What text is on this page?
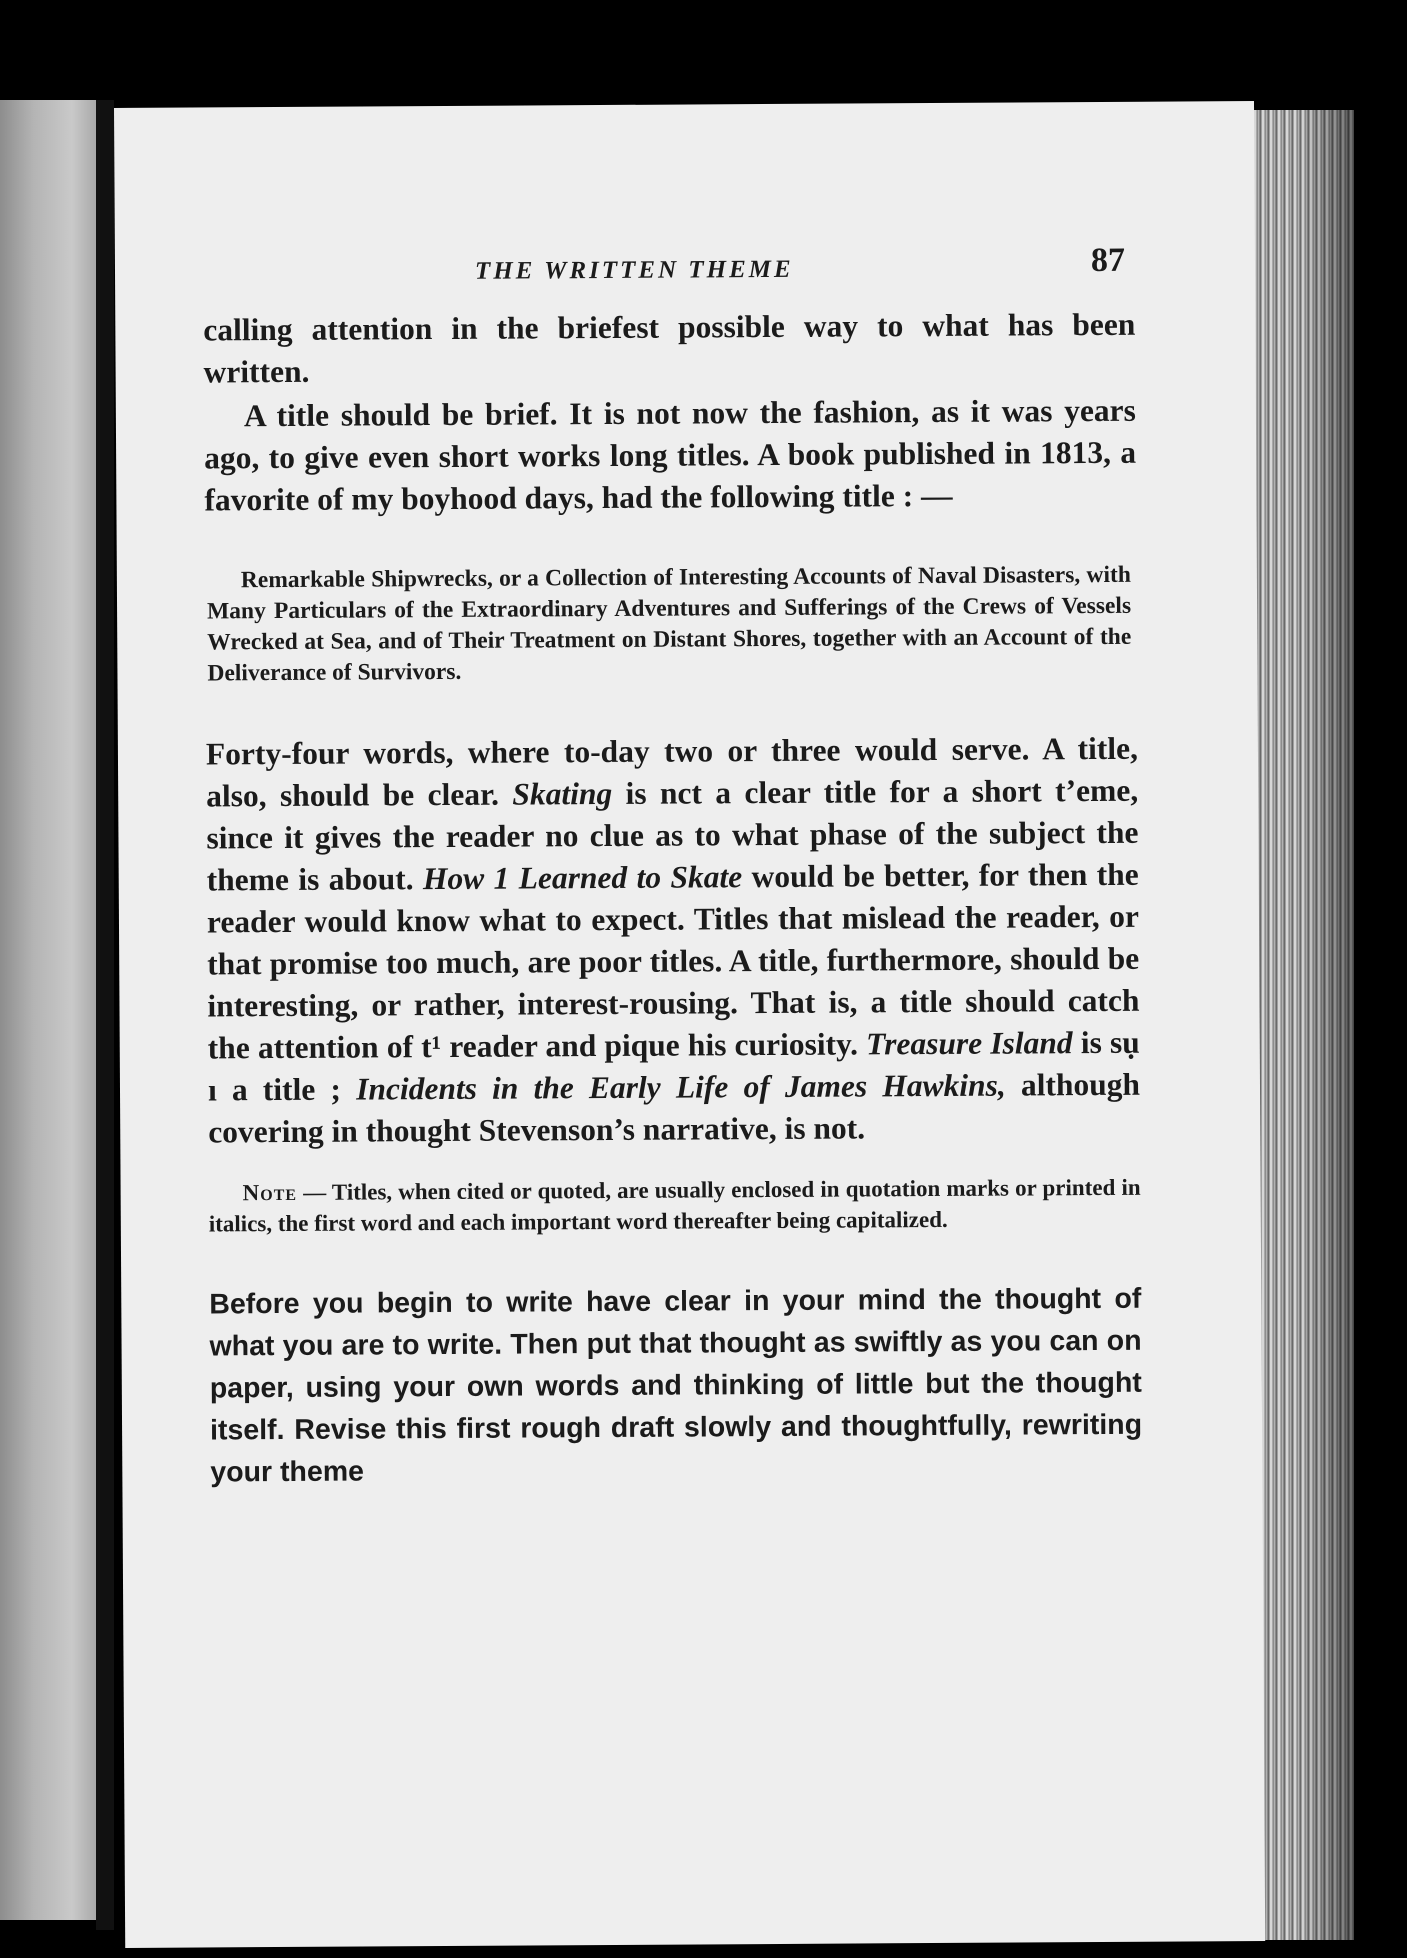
THE WRITTEN THEME	87

calling attention in the briefest possible way to what has been written.

A title should be brief. It is not now the fashion, as it was years ago, to give even short works long titles. A book published in 1813, a favorite of my boyhood days, had the following title : —

Remarkable Shipwrecks, or a Collection of Interesting Accounts of Naval Disasters, with Many Particulars of the Extraordinary Adventures and Sufferings of the Crews of Vessels Wrecked at Sea, and of Their Treatment on Distant Shores, together with an Account of the Deliverance of Survivors.

Forty-four words, where to-day two or three would serve. A title, also, should be clear. Skating is nct a clear title for a short tʼeme, since it gives the reader no clue as to what phase of the subject the theme is about. How 1 Learned to Skate would be better, for then the reader would know what to expect. Titles that mislead the reader, or that promise too much, are poor titles. A title, furthermore, should be interesting, or rather, interest-rousing. That is, a title should catch the attention of t¹ reader and pique his curiosity. Treasure Island is sụ ı a title ; Incidents in the Early Life of James Hawkins, although covering in thought Stevenson’s narrative, is not.

Note — Titles, when cited or quoted, are usually enclosed in quotation marks or printed in italics, the first word and each important word thereafter being capitalized.

Before you begin to write have clear in your mind the thought of what you are to write. Then put that thought as swiftly as you can on paper, using your own words and thinking of little but the thought itself. Revise this first rough draft slowly and thoughtfully, rewriting your theme
